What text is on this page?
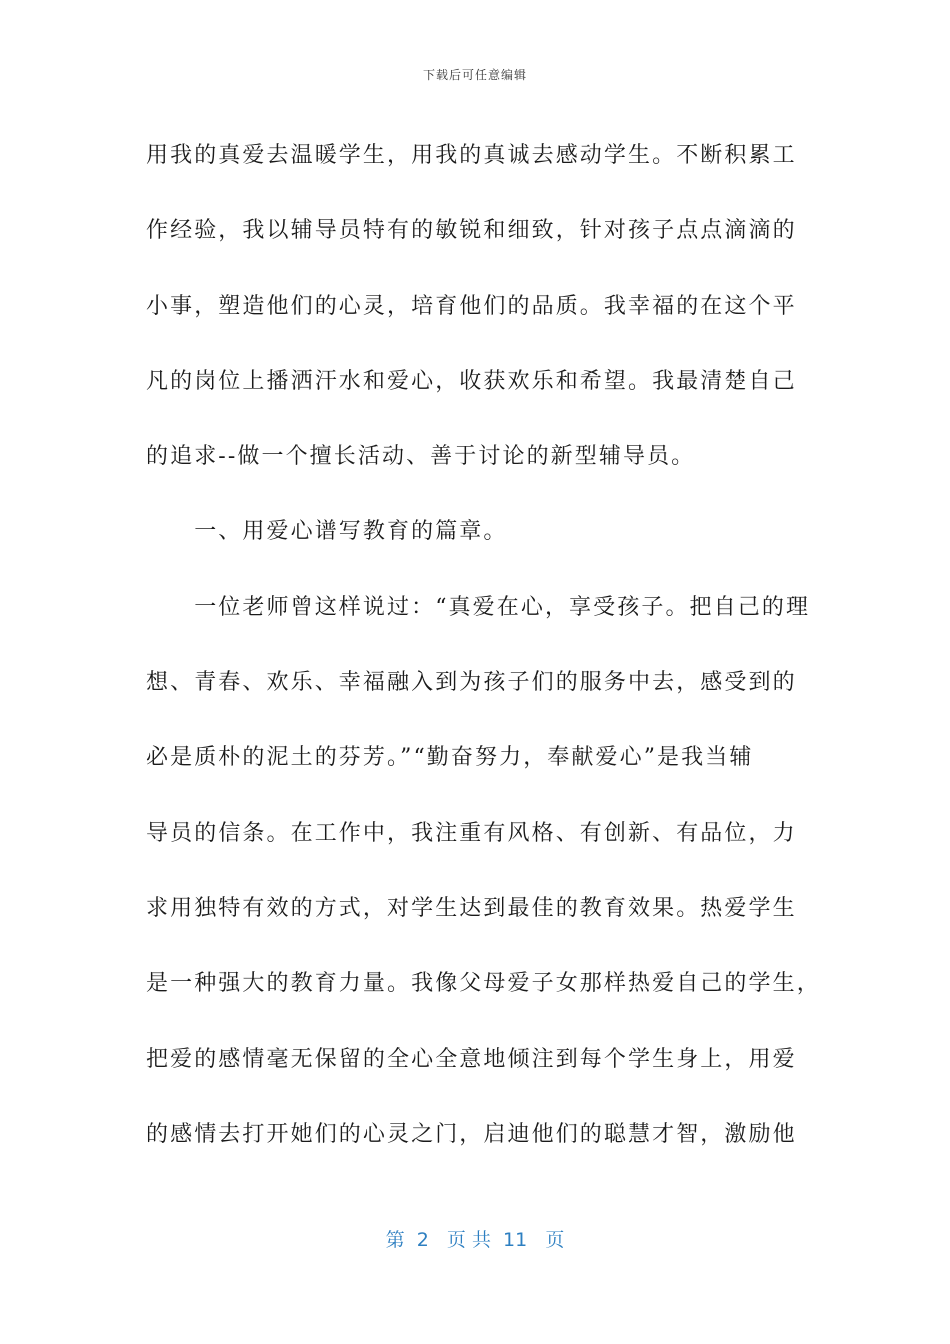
下载后可任意编辑

用我的真爱去温暖学生，用我的真诚去感动学生。不断积累工

作经验，我以辅导员特有的敏锐和细致，针对孩子点点滴滴的

小事，塑造他们的心灵，培育他们的品质。我幸福的在这个平

凡的岗位上播洒汗水和爱心，收获欢乐和希望。我最清楚自己

的追求--做一个擅长活动、善于讨论的新型辅导员。

　　一、用爱心谱写教育的篇章。

　　一位老师曾这样说过：“真爱在心，享受孩子。把自己的理

想、青春、欢乐、幸福融入到为孩子们的服务中去，感受到的

必是质朴的泥土的芬芳。”“勤奋努力，奉献爱心”是我当辅

导员的信条。在工作中，我注重有风格、有创新、有品位，力

求用独特有效的方式，对学生达到最佳的教育效果。热爱学生

是一种强大的教育力量。我像父母爱子女那样热爱自己的学生，

把爱的感情毫无保留的全心全意地倾注到每个学生身上，用爱

的感情去打开她们的心灵之门，启迪他们的聪慧才智，激励他

第  2   页 共  11   页
